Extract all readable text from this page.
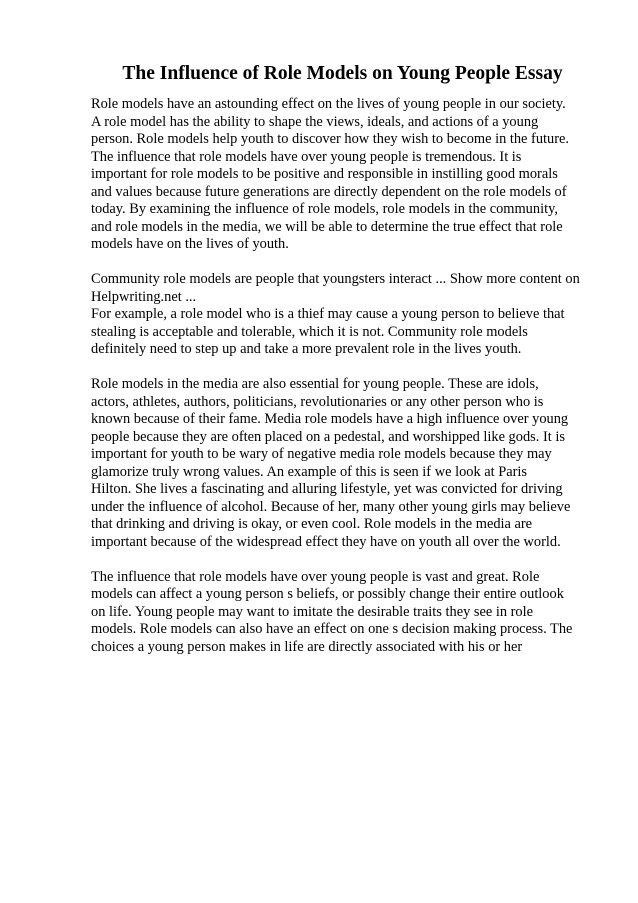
The Influence of Role Models on Young People Essay

Role models have an astounding effect on the lives of young people in our society.
A role model has the ability to shape the views, ideals, and actions of a young
person. Role models help youth to discover how they wish to become in the future.
The influence that role models have over young people is tremendous. It is
important for role models to be positive and responsible in instilling good morals
and values because future generations are directly dependent on the role models of
today. By examining the influence of role models, role models in the community,
and role models in the media, we will be able to determine the true effect that role
models have on the lives of youth.

Community role models are people that youngsters interact ... Show more content on
Helpwriting.net ...
For example, a role model who is a thief may cause a young person to believe that
stealing is acceptable and tolerable, which it is not. Community role models
definitely need to step up and take a more prevalent role in the lives youth.

Role models in the media are also essential for young people. These are idols,
actors, athletes, authors, politicians, revolutionaries or any other person who is
known because of their fame. Media role models have a high influence over young
people because they are often placed on a pedestal, and worshipped like gods. It is
important for youth to be wary of negative media role models because they may
glamorize truly wrong values. An example of this is seen if we look at Paris
Hilton. She lives a fascinating and alluring lifestyle, yet was convicted for driving
under the influence of alcohol. Because of her, many other young girls may believe
that drinking and driving is okay, or even cool. Role models in the media are
important because of the widespread effect they have on youth all over the world.

The influence that role models have over young people is vast and great. Role
models can affect a young person s beliefs, or possibly change their entire outlook
on life. Young people may want to imitate the desirable traits they see in role
models. Role models can also have an effect on one s decision making process. The
choices a young person makes in life are directly associated with his or her
